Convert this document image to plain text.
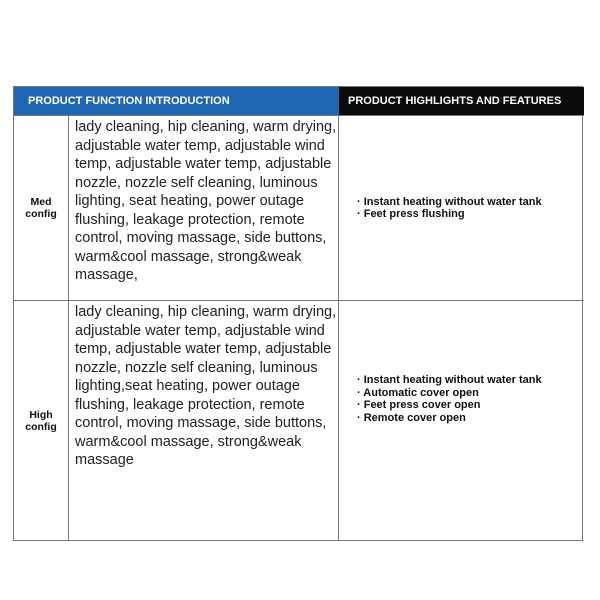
PRODUCT FUNCTION INTRODUCTION	PRODUCT HIGHLIGHTS AND FEATURES
Med
config
lady cleaning, hip cleaning, warm drying, adjustable water temp, adjustable wind temp, adjustable water temp, adjustable nozzle, nozzle self cleaning, luminous lighting, seat heating, power outage flushing, leakage protection, remote control, moving massage, side buttons, warm&cool massage, strong&weak massage,
· Instant heating without water tank
· Feet press flushing
High
config
lady cleaning, hip cleaning, warm drying, adjustable water temp, adjustable wind temp, adjustable water temp, adjustable nozzle, nozzle self cleaning, luminous lighting,seat heating, power outage flushing, leakage protection, remote control, moving massage, side buttons, warm&cool massage, strong&weak massage
· Instant heating without water tank
· Automatic cover open
· Feet press cover open
· Remote cover open
